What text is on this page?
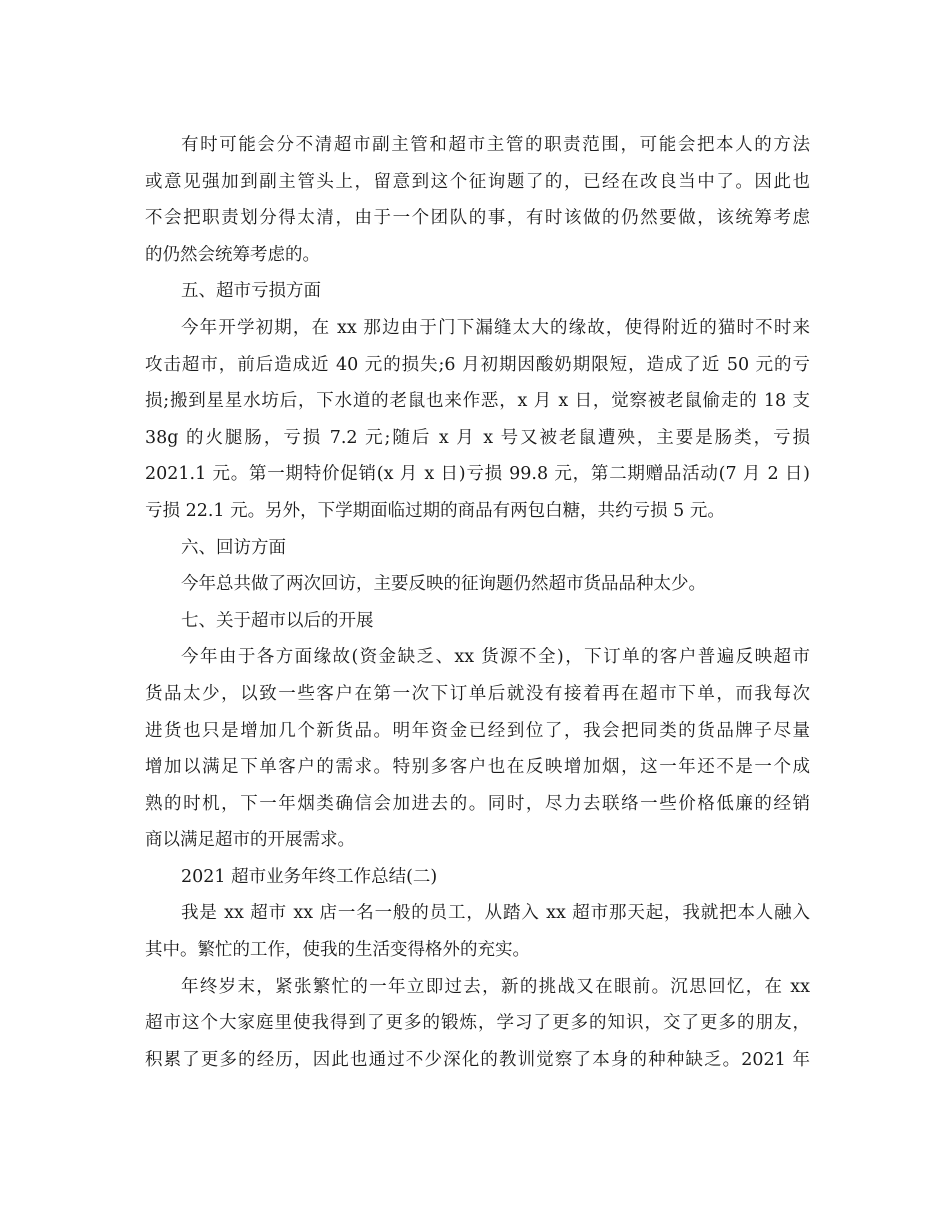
有时可能会分不清超市副主管和超市主管的职责范围，可能会把本人的方法
或意见强加到副主管头上，留意到这个征询题了的，已经在改良当中了。因此也
不会把职责划分得太清，由于一个团队的事，有时该做的仍然要做，该统筹考虑
的仍然会统筹考虑的。
五、超市亏损方面
今年开学初期，在 xx 那边由于门下漏缝太大的缘故，使得附近的猫时不时来
攻击超市，前后造成近 40 元的损失;6 月初期因酸奶期限短，造成了近 50 元的亏
损;搬到星星水坊后，下水道的老鼠也来作恶，x 月 x 日，觉察被老鼠偷走的 18 支
38g 的火腿肠，亏损 7.2 元;随后 x 月 x 号又被老鼠遭殃，主要是肠类，亏损
2021.1 元。第一期特价促销(x 月 x 日)亏损 99.8 元，第二期赠品活动(7 月 2 日)
亏损 22.1 元。另外，下学期面临过期的商品有两包白糖，共约亏损 5 元。
六、回访方面
今年总共做了两次回访，主要反映的征询题仍然超市货品品种太少。
七、关于超市以后的开展
今年由于各方面缘故(资金缺乏、xx 货源不全)，下订单的客户普遍反映超市
货品太少，以致一些客户在第一次下订单后就没有接着再在超市下单，而我每次
进货也只是增加几个新货品。明年资金已经到位了，我会把同类的货品牌子尽量
增加以满足下单客户的需求。特别多客户也在反映增加烟，这一年还不是一个成
熟的时机，下一年烟类确信会加进去的。同时，尽力去联络一些价格低廉的经销
商以满足超市的开展需求。
2021 超市业务年终工作总结(二)
我是 xx 超市 xx 店一名一般的员工，从踏入 xx 超市那天起，我就把本人融入
其中。繁忙的工作，使我的生活变得格外的充实。
年终岁末，紧张繁忙的一年立即过去，新的挑战又在眼前。沉思回忆，在 xx
超市这个大家庭里使我得到了更多的锻炼，学习了更多的知识，交了更多的朋友，
积累了更多的经历，因此也通过不少深化的教训觉察了本身的种种缺乏。2021 年
